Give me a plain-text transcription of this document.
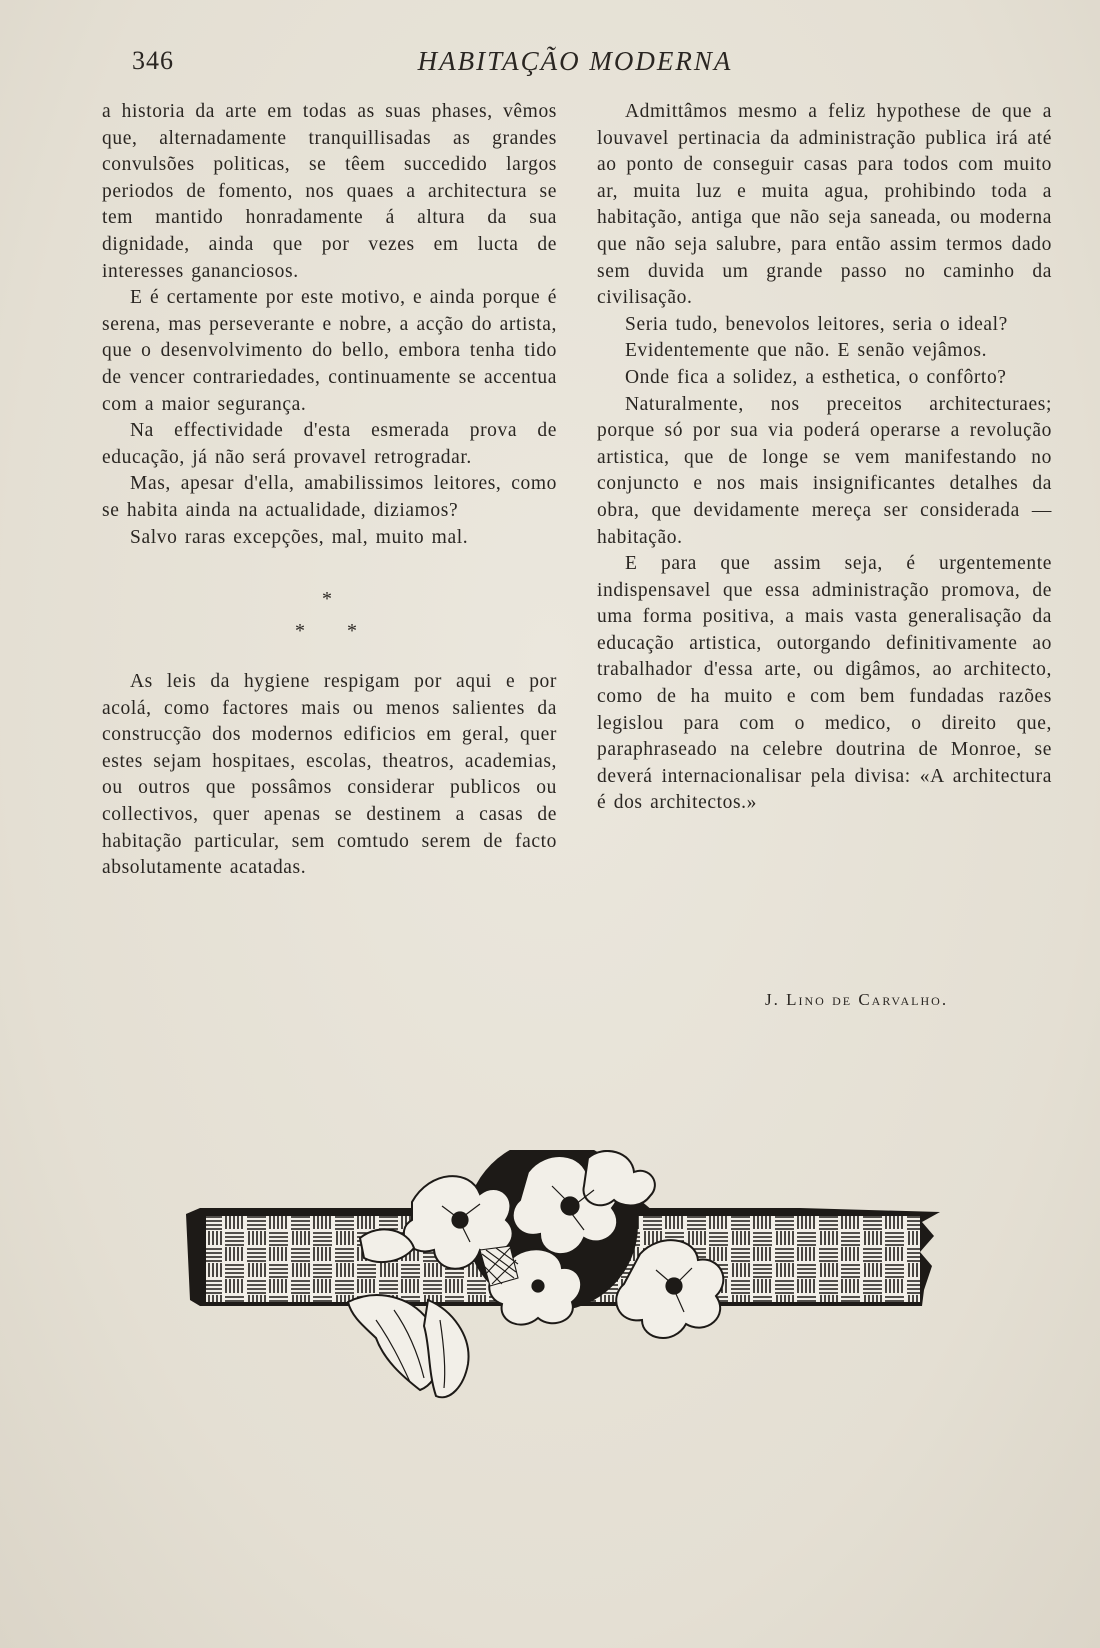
346	HABITAÇÃO MODERNA

a historia da arte em todas as suas phases, vêmos que, alternadamente tranquillisadas as grandes convulsões politicas, se têem succedido largos periodos de fomento, nos quaes a architectura se tem mantido honradamente á altura da sua dignidade, ainda que por vezes em lucta de interesses gananciosos.

E é certamente por este motivo, e ainda porque é serena, mas perseverante e nobre, a acção do artista, que o desenvolvimento do bello, embora tenha tido de vencer contrariedades, continuamente se accentua com a maior segurança.

Na effectividade d'esta esmerada prova de educação, já não será provavel retrogradar.

Mas, apesar d'ella, amabilissimos leitores, como se habita ainda na actualidade, diziamos?

Salvo raras excepções, mal, muito mal.

*
* *

As leis da hygiene respigam por aqui e por acolá, como factores mais ou menos salientes da construcção dos modernos edificios em geral, quer estes sejam hospitaes, escolas, theatros, academias, ou outros que possâmos considerar publicos ou collectivos, quer apenas se destinem a casas de habitação particular, sem comtudo serem de facto absolutamente acatadas.

Admittâmos mesmo a feliz hypothese de que a louvavel pertinacia da administração publica irá até ao ponto de conseguir casas para todos com muito ar, muita luz e muita agua, prohibindo toda a habitação, antiga que não seja saneada, ou moderna que não seja salubre, para então assim termos dado sem duvida um grande passo no caminho da civilisação.

Seria tudo, benevolos leitores, seria o ideal?

Evidentemente que não. E senão vejâmos.

Onde fica a solidez, a esthetica, o confôrto?

Naturalmente, nos preceitos architecturaes; porque só por sua via poderá operarse a revolução artistica, que de longe se vem manifestando no conjuncto e nos mais insignificantes detalhes da obra, que devidamente mereça ser considerada — habitação.

E para que assim seja, é urgentemente indispensavel que essa administração promova, de uma forma positiva, a mais vasta generalisação da educação artistica, outorgando definitivamente ao trabalhador d'essa arte, ou digâmos, ao architecto, como de ha muito e com bem fundadas razões legislou para com o medico, o direito que, paraphraseado na celebre doutrina de Monroe, se deverá internacionalisar pela divisa: «A architectura é dos architectos.»

J. Lino de Carvalho.
